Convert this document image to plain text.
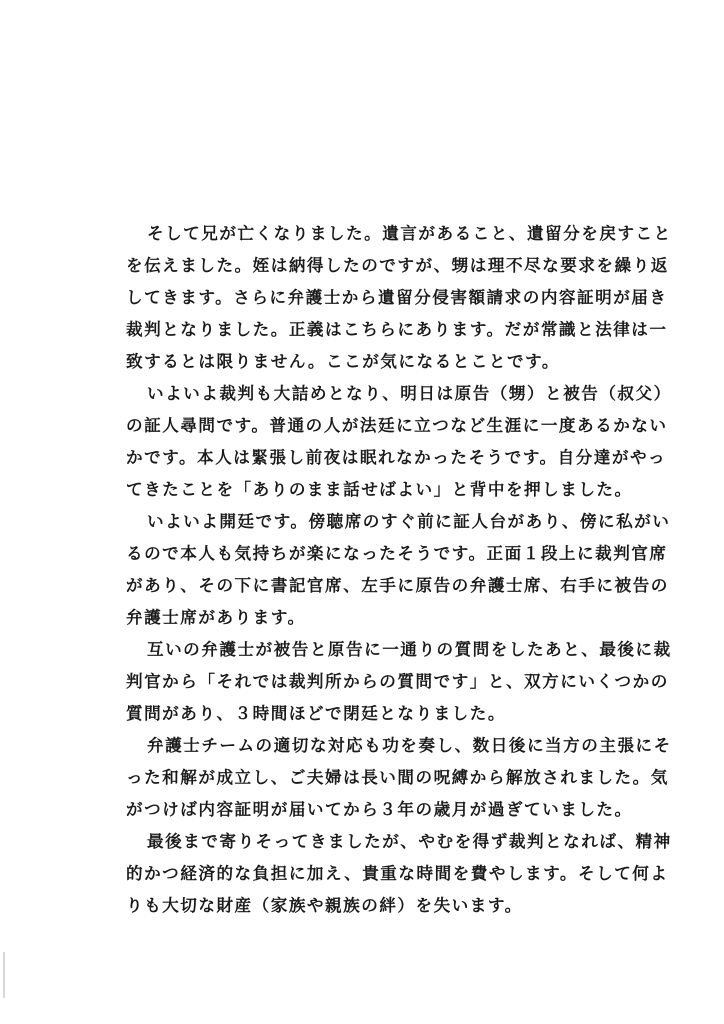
そして兄が亡くなりました。遺言があること、遺留分を戻すこと
を伝えました。姪は納得したのですが、甥は理不尽な要求を繰り返
してきます。さらに弁護士から遺留分侵害額請求の内容証明が届き
裁判となりました。正義はこちらにあります。だが常識と法律は一
致するとは限りません。ここが気になるとことです。
いよいよ裁判も大詰めとなり、明日は原告（甥）と被告（叔父）
の証人尋問です。普通の人が法廷に立つなど生涯に一度あるかない
かです。本人は緊張し前夜は眠れなかったそうです。自分達がやっ
てきたことを「ありのまま話せばよい」と背中を押しました。
いよいよ開廷です。傍聴席のすぐ前に証人台があり、傍に私がい
るので本人も気持ちが楽になったそうです。正面１段上に裁判官席
があり、その下に書記官席、左手に原告の弁護士席、右手に被告の
弁護士席があります。
互いの弁護士が被告と原告に一通りの質問をしたあと、最後に裁
判官から「それでは裁判所からの質問です」と、双方にいくつかの
質問があり、３時間ほどで閉廷となりました。
弁護士チームの適切な対応も功を奏し、数日後に当方の主張にそ
った和解が成立し、ご夫婦は長い間の呪縛から解放されました。気
がつけば内容証明が届いてから３年の歳月が過ぎていました。
最後まで寄りそってきましたが、やむを得ず裁判となれば、精神
的かつ経済的な負担に加え、貴重な時間を費やします。そして何よ
りも大切な財産（家族や親族の絆）を失います。
